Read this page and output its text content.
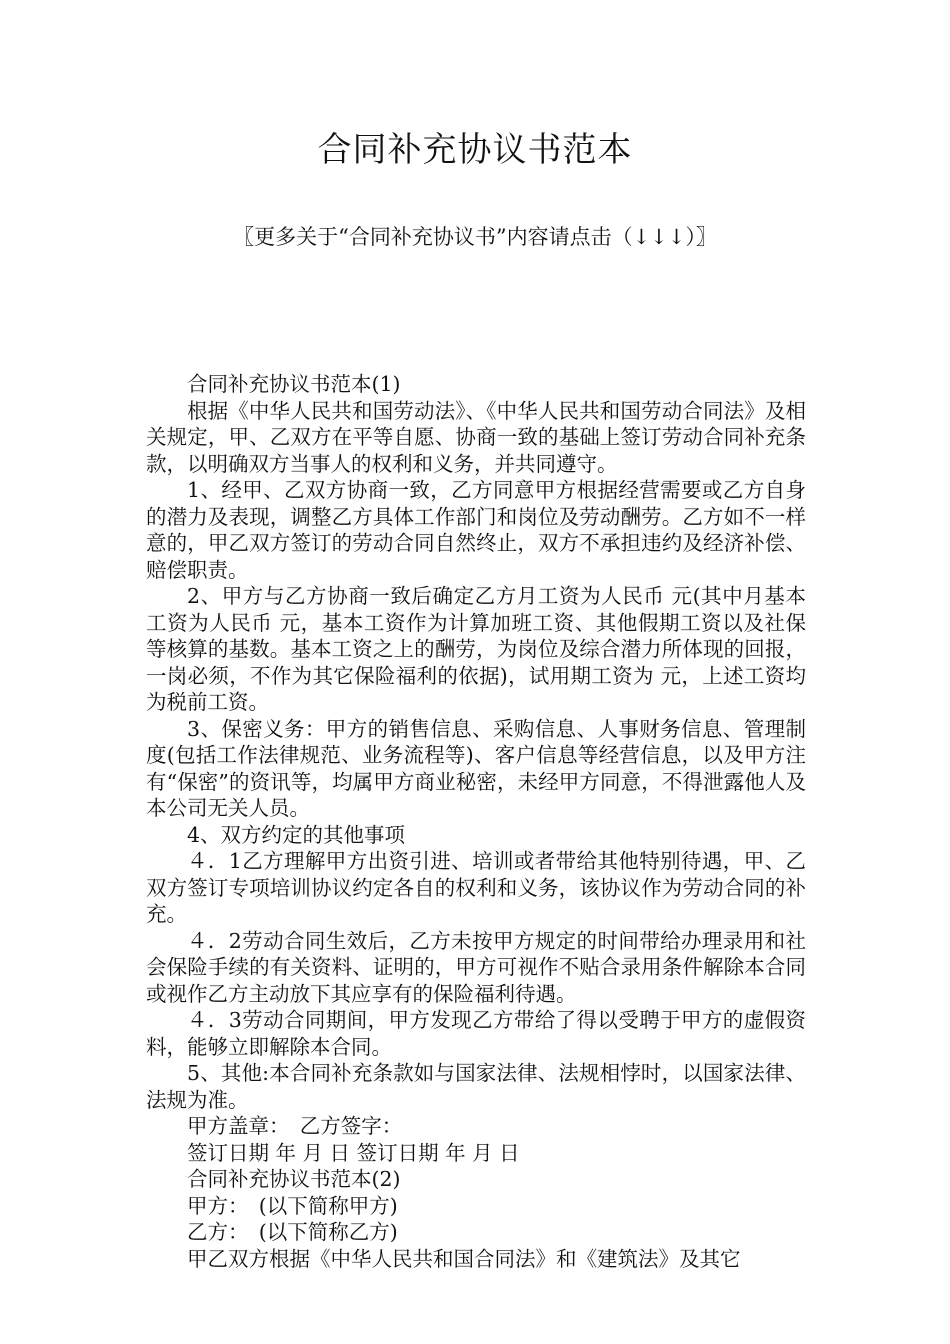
合同补充协议书范本
〖更多关于“合同补充协议书”内容请点击（↓↓↓）〗

合同补充协议书范本(1)

根据《中华人民共和国劳动法》、《中华人民共和国劳动合同法》及相关规定，甲、乙双方在平等自愿、协商一致的基础上签订劳动合同补充条款，以明确双方当事人的权利和义务，并共同遵守。

1、经甲、乙双方协商一致，乙方同意甲方根据经营需要或乙方自身的潜力及表现，调整乙方具体工作部门和岗位及劳动酬劳。乙方如不一样意的，甲乙双方签订的劳动合同自然终止，双方不承担违约及经济补偿、赔偿职责。

2、甲方与乙方协商一致后确定乙方月工资为人民币 元(其中月基本工资为人民币 元，基本工资作为计算加班工资、其他假期工资以及社保等核算的基数。基本工资之上的酬劳，为岗位及综合潜力所体现的回报，一岗必须，不作为其它保险福利的依据)，试用期工资为 元，上述工资均为税前工资。

3、保密义务：甲方的销售信息、采购信息、人事财务信息、管理制度(包括工作法律规范、业务流程等)、客户信息等经营信息，以及甲方注有“保密”的资讯等，均属甲方商业秘密，未经甲方同意，不得泄露他人及本公司无关人员。

4、双方约定的其他事项

４．1乙方理解甲方出资引进、培训或者带给其他特别待遇，甲、乙双方签订专项培训协议约定各自的权利和义务，该协议作为劳动合同的补充。

４．2劳动合同生效后，乙方未按甲方规定的时间带给办理录用和社会保险手续的有关资料、证明的，甲方可视作不贴合录用条件解除本合同或视作乙方主动放下其应享有的保险福利待遇。

４．3劳动合同期间，甲方发现乙方带给了得以受聘于甲方的虚假资料，能够立即解除本合同。

5、其他:本合同补充条款如与国家法律、法规相悖时，以国家法律、法规为准。

甲方盖章：　乙方签字：

签订日期 年 月 日 签订日期 年 月 日

合同补充协议书范本(2)

甲方：　(以下简称甲方)

乙方：　(以下简称乙方)

甲乙双方根据《中华人民共和国合同法》和《建筑法》及其它
